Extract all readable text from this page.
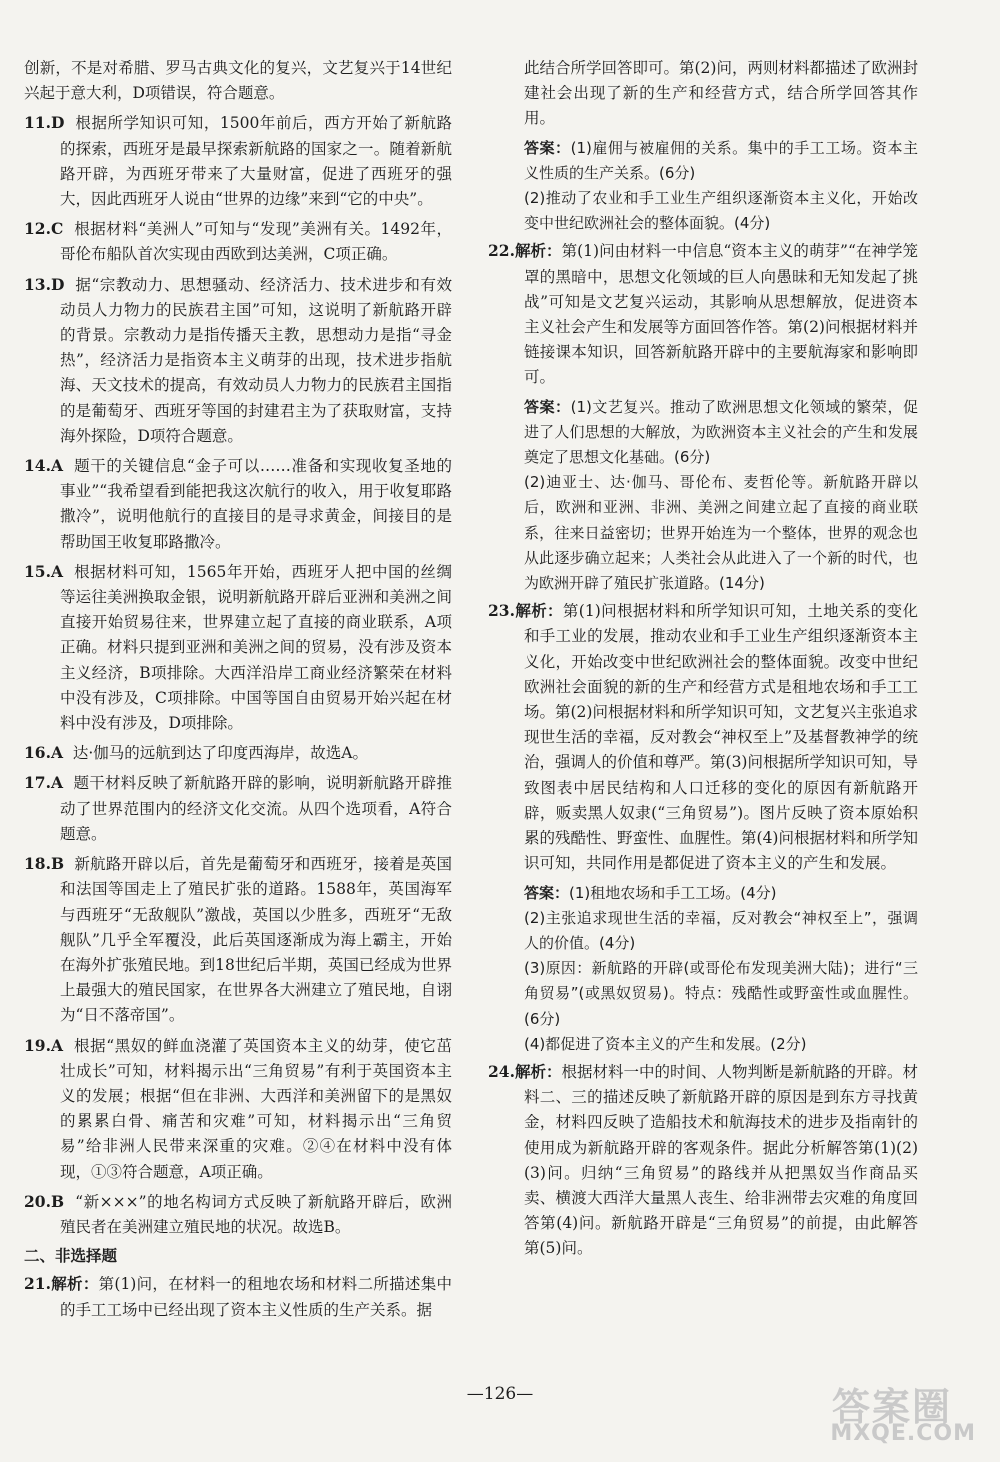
创新，不是对希腊、罗马古典文化的复兴，文艺复兴于14世纪兴起于意大利，D项错误，符合题意。
11.D 根据所学知识可知，1500年前后，西方开始了新航路的探索，西班牙是最早探索新航路的国家之一。随着新航路开辟，为西班牙带来了大量财富，促进了西班牙的强大，因此西班牙人说由“世界的边缘”来到“它的中央”。
12.C 根据材料“美洲人”可知与“发现”美洲有关。1492年，哥伦布船队首次实现由西欧到达美洲，C项正确。
13.D 据“宗教动力、思想骚动、经济活力、技术进步和有效动员人力物力的民族君主国”可知，这说明了新航路开辟的背景。宗教动力是指传播天主教，思想动力是指“寻金热”，经济活力是指资本主义萌芽的出现，技术进步指航海、天文技术的提高，有效动员人力物力的民族君主国指的是葡萄牙、西班牙等国的封建君主为了获取财富，支持海外探险，D项符合题意。
14.A 题干的关键信息“金子可以……准备和实现收复圣地的事业”“我希望看到能把我这次航行的收入，用于收复耶路撒冷”，说明他航行的直接目的是寻求黄金，间接目的是帮助国王收复耶路撒冷。
15.A 根据材料可知，1565年开始，西班牙人把中国的丝绸等运往美洲换取金银，说明新航路开辟后亚洲和美洲之间直接开始贸易往来，世界建立起了直接的商业联系，A项正确。材料只提到亚洲和美洲之间的贸易，没有涉及资本主义经济，B项排除。大西洋沿岸工商业经济繁荣在材料中没有涉及，C项排除。中国等国自由贸易开始兴起在材料中没有涉及，D项排除。
16.A 达·伽马的远航到达了印度西海岸，故选A。
17.A 题干材料反映了新航路开辟的影响，说明新航路开辟推动了世界范围内的经济文化交流。从四个选项看，A符合题意。
18.B 新航路开辟以后，首先是葡萄牙和西班牙，接着是英国和法国等国走上了殖民扩张的道路。1588年，英国海军与西班牙“无敌舰队”激战，英国以少胜多，西班牙“无敌舰队”几乎全军覆没，此后英国逐渐成为海上霸主，开始在海外扩张殖民地。到18世纪后半期，英国已经成为世界上最强大的殖民国家，在世界各大洲建立了殖民地，自诩为“日不落帝国”。
19.A 根据“黑奴的鲜血浇灌了英国资本主义的幼芽，使它茁壮成长”可知，材料揭示出“三角贸易”有利于英国资本主义的发展；根据“但在非洲、大西洋和美洲留下的是黑奴的累累白骨、痛苦和灾难”可知，材料揭示出“三角贸易”给非洲人民带来深重的灾难。②④在材料中没有体现，①③符合题意，A项正确。
20.B “新×××”的地名构词方式反映了新航路开辟后，欧洲殖民者在美洲建立殖民地的状况。故选B。
二、非选择题
21.解析：第(1)问，在材料一的租地农场和材料二所描述集中的手工工场中已经出现了资本主义性质的生产关系。据
此结合所学回答即可。第(2)问，两则材料都描述了欧洲封建社会出现了新的生产和经营方式，结合所学回答其作用。

答案：(1)雇佣与被雇佣的关系。集中的手工工场。资本主义性质的生产关系。(6分)

(2)推动了农业和手工业生产组织逐渐资本主义化，开始改变中世纪欧洲社会的整体面貌。(4分)

22.解析：第(1)问由材料一中信息“资本主义的萌芽”“在神学笼罩的黑暗中，思想文化领域的巨人向愚昧和无知发起了挑战”可知是文艺复兴运动，其影响从思想解放，促进资本主义社会产生和发展等方面回答作答。第(2)问根据材料并链接课本知识，回答新航路开辟中的主要航海家和影响即可。

答案：(1)文艺复兴。推动了欧洲思想文化领域的繁荣，促进了人们思想的大解放，为欧洲资本主义社会的产生和发展奠定了思想文化基础。(6分)

(2)迪亚士、达·伽马、哥伦布、麦哲伦等。新航路开辟以后，欧洲和亚洲、非洲、美洲之间建立起了直接的商业联系，往来日益密切；世界开始连为一个整体，世界的观念也从此逐步确立起来；人类社会从此进入了一个新的时代，也为欧洲开辟了殖民扩张道路。(14分)

23.解析：第(1)问根据材料和所学知识可知，土地关系的变化和手工业的发展，推动农业和手工业生产组织逐渐资本主义化，开始改变中世纪欧洲社会的整体面貌。改变中世纪欧洲社会面貌的新的生产和经营方式是租地农场和手工工场。第(2)问根据材料和所学知识可知，文艺复兴主张追求现世生活的幸福，反对教会“神权至上”及基督教神学的统治，强调人的价值和尊严。第(3)问根据所学知识可知，导致图表中居民结构和人口迁移的变化的原因有新航路开辟，贩卖黑人奴隶(“三角贸易”)。图片反映了资本原始积累的残酷性、野蛮性、血腥性。第(4)问根据材料和所学知识可知，共同作用是都促进了资本主义的产生和发展。

答案：(1)租地农场和手工工场。(4分)

(2)主张追求现世生活的幸福，反对教会“神权至上”，强调人的价值。(4分)

(3)原因：新航路的开辟(或哥伦布发现美洲大陆)；进行“三角贸易”(或黑奴贸易)。特点：残酷性或野蛮性或血腥性。(6分)

(4)都促进了资本主义的产生和发展。(2分)

24.解析：根据材料一中的时间、人物判断是新航路的开辟。材料二、三的描述反映了新航路开辟的原因是到东方寻找黄金，材料四反映了造船技术和航海技术的进步及指南针的使用成为新航路开辟的客观条件。据此分析解答第(1)(2)(3)问。归纳“三角贸易”的路线并从把黑奴当作商品买卖、横渡大西洋大量黑人丧生、给非洲带去灾难的角度回答第(4)问。新航路开辟是“三角贸易”的前提，由此解答第(5)问。
—126—	答案圈
MXQE.COM
